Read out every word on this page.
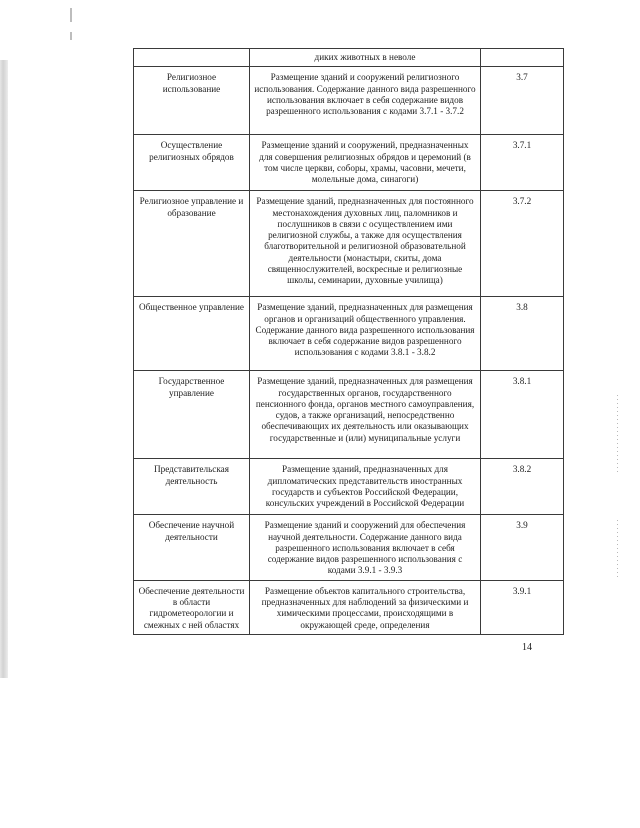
	диких животных в неволе	

Религиозное использование	Размещение зданий и сооружений религиозного использования. Содержание данного вида разрешенного использования включает в себя содержание видов разрешенного использования с кодами 3.7.1 - 3.7.2	3.7

Осуществление религиозных обрядов	Размещение зданий и сооружений, предназначенных для совершения религиозных обрядов и церемоний (в том числе церкви, соборы, храмы, часовни, мечети, молельные дома, синагоги)	3.7.1

Религиозное управление и образование	Размещение зданий, предназначенных для постоянного местонахождения духовных лиц, паломников и послушников в связи с осуществлением ими религиозной службы, а также для осуществления благотворительной и религиозной образовательной деятельности (монастыри, скиты, дома священнослужителей, воскресные и религиозные школы, семинарии, духовные училища)	3.7.2

Общественное управление	Размещение зданий, предназначенных для размещения органов и организаций общественного управления. Содержание данного вида разрешенного использования включает в себя содержание видов разрешенного использования с кодами 3.8.1 - 3.8.2	3.8

Государственное управление	Размещение зданий, предназначенных для размещения государственных органов, государственного пенсионного фонда, органов местного самоуправления, судов, а также организаций, непосредственно обеспечивающих их деятельность или оказывающих государственные и (или) муниципальные услуги	3.8.1

Представительская деятельность	Размещение зданий, предназначенных для дипломатических представительств иностранных государств и субъектов Российской Федерации, консульских учреждений в Российской Федерации	3.8.2

Обеспечение научной деятельности	Размещение зданий и сооружений для обеспечения научной деятельности. Содержание данного вида разрешенного использования включает в себя содержание видов разрешенного использования с кодами 3.9.1 - 3.9.3	3.9

Обеспечение деятельности в области гидрометеорологии и смежных с ней областях	Размещение объектов капитального строительства, предназначенных для наблюдений за физическими и химическими процессами, происходящими в окружающей среде, определения	3.9.1
14
